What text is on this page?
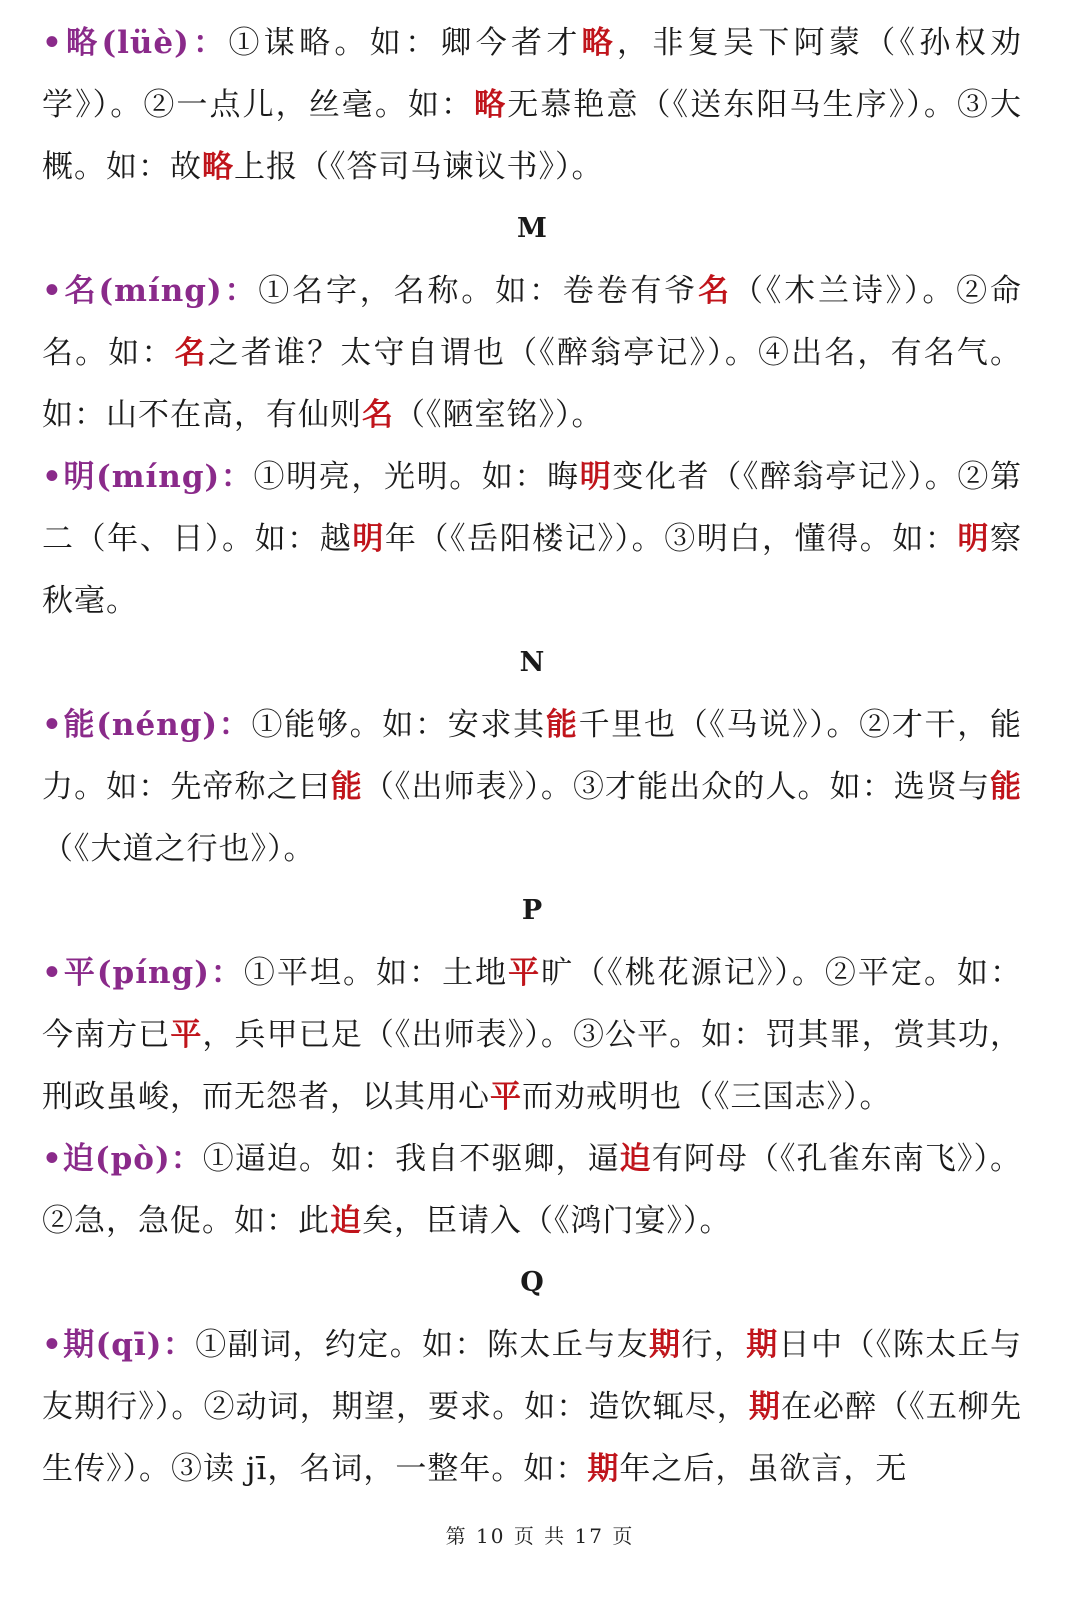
•略(lüè)：①谋略。如：卿今者才略，非复吴下阿蒙（《孙权劝学》）。②一点儿，丝毫。如：略无慕艳意（《送东阳马生序》）。③大概。如：故略上报（《答司马谏议书》）。

M

•名(míng)：①名字，名称。如：卷卷有爷名（《木兰诗》）。②命名。如：名之者谁？太守自谓也（《醉翁亭记》）。④出名，有名气。如：山不在高，有仙则名（《陋室铭》）。

•明(míng)：①明亮，光明。如：晦明变化者（《醉翁亭记》）。②第二（年、日）。如：越明年（《岳阳楼记》）。③明白，懂得。如：明察秋毫。

N

•能(néng)：①能够。如：安求其能千里也（《马说》）。②才干，能力。如：先帝称之曰能（《出师表》）。③才能出众的人。如：选贤与能（《大道之行也》）。

P

•平(píng)：①平坦。如：土地平旷（《桃花源记》）。②平定。如：今南方已平，兵甲已足（《出师表》）。③公平。如：罚其罪，赏其功，刑政虽峻，而无怨者，以其用心平而劝戒明也（《三国志》）。

•迫(pò)：①逼迫。如：我自不驱卿，逼迫有阿母（《孔雀东南飞》）。②急，急促。如：此迫矣，臣请入（《鸿门宴》）。

Q

•期(qī)：①副词，约定。如：陈太丘与友期行，期日中（《陈太丘与友期行》）。②动词，期望，要求。如：造饮辄尽，期在必醉（《五柳先生传》）。③读 jī，名词，一整年。如：期年之后，虽欲言，无

第 10 页 共 17 页
